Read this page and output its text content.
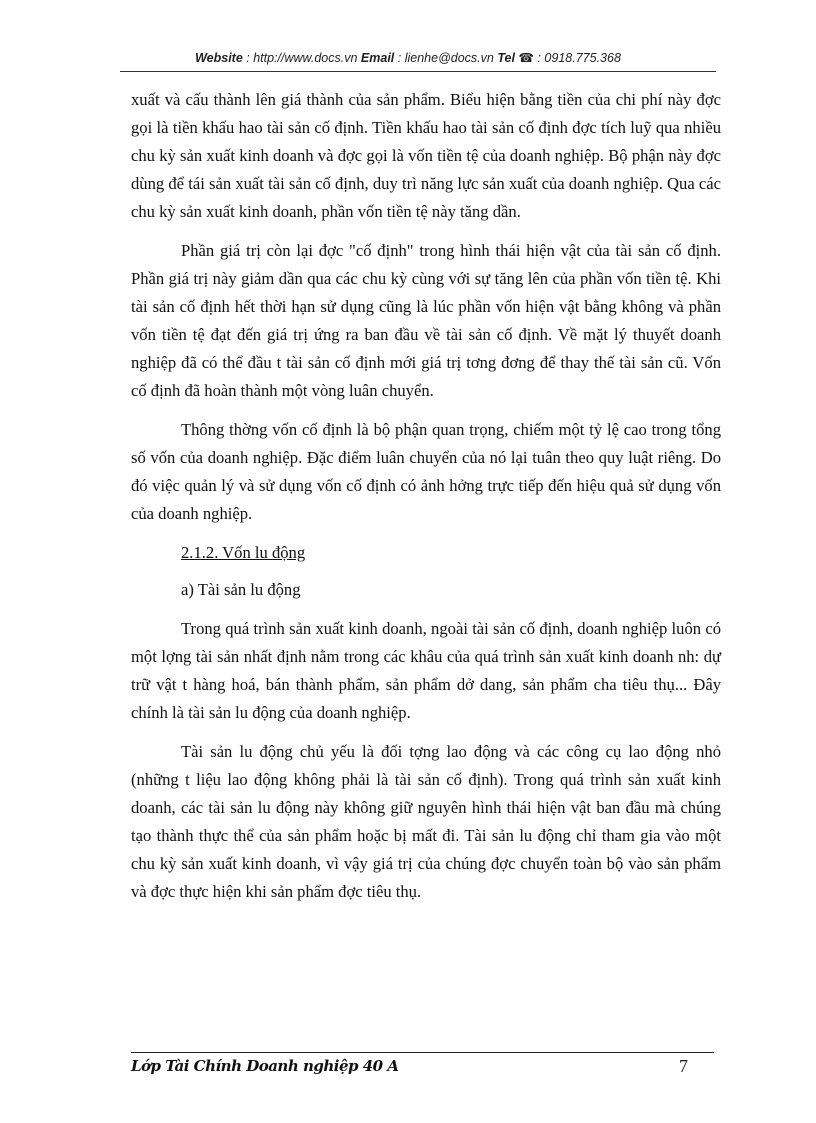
Website : http://www.docs.vn Email : lienhe@docs.vn Tel ☎ : 0918.775.368

xuất và cấu thành lên giá thành của sản phẩm. Biểu hiện bằng tiền của chi phí này đợc gọi là tiền khấu hao tài sản cố định. Tiền khấu hao tài sản cố định đợc tích luỹ qua nhiều chu kỳ sản xuất kinh doanh và đợc gọi là vốn tiền tệ của doanh nghiệp. Bộ phận này đợc dùng để tái sản xuất tài sản cố định, duy trì năng lực sản xuất của doanh nghiệp. Qua các chu kỳ sản xuất kinh doanh, phần vốn tiền tệ này tăng dần.

Phần giá trị còn lại đợc "cố định" trong hình thái hiện vật của tài sản cố định. Phần giá trị này giảm dần qua các chu kỳ cùng với sự tăng lên của phần vốn tiền tệ. Khi tài sản cố định hết thời hạn sử dụng cũng là lúc phần vốn hiện vật bằng không và phần vốn tiền tệ đạt đến giá trị ứng ra ban đầu về tài sản cố định. Về mặt lý thuyết doanh nghiệp đã có thể đầu t tài sản cố định mới giá trị tơng đơng để thay thế tài sản cũ. Vốn cố định đã hoàn thành một vòng luân chuyển.

Thông thờng vốn cố định là bộ phận quan trọng, chiếm một tỷ lệ cao trong tổng số vốn của doanh nghiệp. Đặc điểm luân chuyển của nó lại tuân theo quy luật riêng. Do đó việc quản lý và sử dụng vốn cố định có ảnh hởng trực tiếp đến hiệu quả sử dụng vốn của doanh nghiệp.

2.1.2. Vốn lu động

a) Tài sản lu động

Trong quá trình sản xuất kinh doanh, ngoài tài sản cố định, doanh nghiệp luôn có một lợng tài sản nhất định nằm trong các khâu của quá trình sản xuất kinh doanh nh: dự trữ vật t hàng hoá, bán thành phẩm, sản phẩm dở dang, sản phẩm cha tiêu thụ... Đây chính là tài sản lu động của doanh nghiệp.

Tài sản lu động chủ yếu là đối tợng lao động và các công cụ lao động nhỏ (những t liệu lao động không phải là tài sản cố định). Trong quá trình sản xuất kinh doanh, các tài sản lu động này không giữ nguyên hình thái hiện vật ban đầu mà chúng tạo thành thực thể của sản phẩm hoặc bị mất đi. Tài sản lu động chỉ tham gia vào một chu kỳ sản xuất kinh doanh, vì vậy giá trị của chúng đợc chuyển toàn bộ vào sản phẩm và đợc thực hiện khi sản phẩm đợc tiêu thụ.

Lớp Tài Chính Doanh nghiệp 40 A	7
